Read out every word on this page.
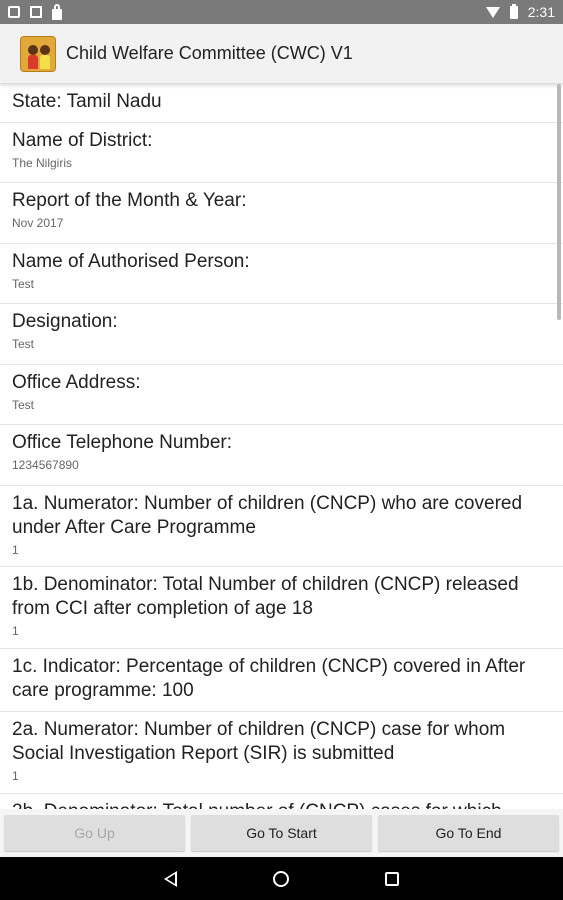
2:31
Child Welfare Committee (CWC) V1
State: Tamil Nadu
Name of District:
The Nilgiris
Report of the Month & Year:
Nov 2017
Name of Authorised Person:
Test
Designation:
Test
Office Address:
Test
Office Telephone Number:
1234567890
1a. Numerator: Number of children (CNCP) who are covered under After Care Programme
1
1b. Denominator: Total Number of children (CNCP) released from CCI after completion of age 18
1
1c. Indicator: Percentage of children (CNCP) covered in After care programme: 100
2a. Numerator: Number of children (CNCP) case for whom Social Investigation Report (SIR) is submitted
1
Go Up	Go To Start	Go To End
